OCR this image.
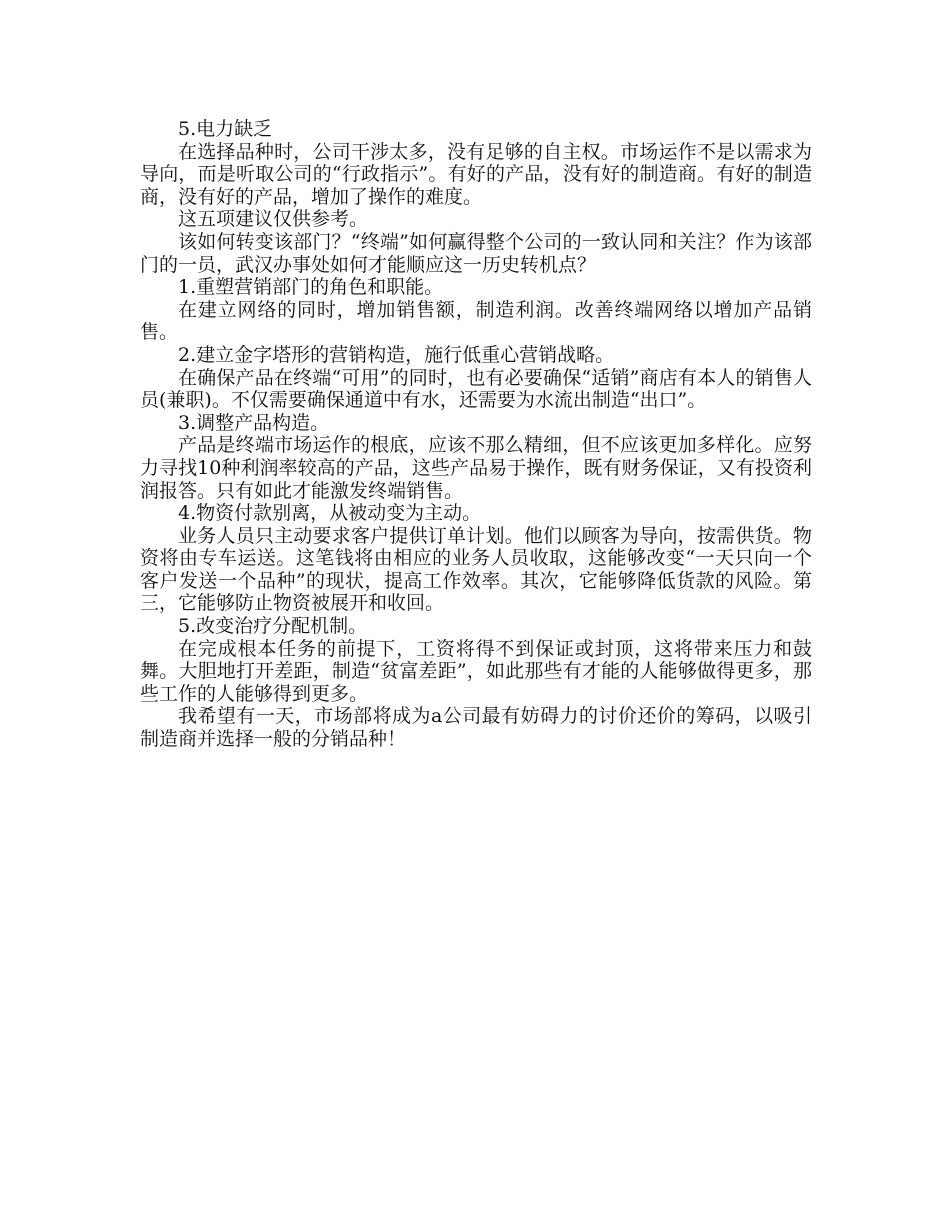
5.电力缺乏

在选择品种时，公司干涉太多，没有足够的自主权。市场运作不是以需求为导向，而是听取公司的“行政指示”。有好的产品，没有好的制造商。有好的制造商，没有好的产品，增加了操作的难度。

这五项建议仅供参考。

该如何转变该部门？“终端”如何赢得整个公司的一致认同和关注？作为该部门的一员，武汉办事处如何才能顺应这一历史转机点？

1.重塑营销部门的角色和职能。

在建立网络的同时，增加销售额，制造利润。改善终端网络以增加产品销售。

2.建立金字塔形的营销构造，施行低重心营销战略。

在确保产品在终端“可用”的同时，也有必要确保“适销”商店有本人的销售人员(兼职)。不仅需要确保通道中有水，还需要为水流出制造“出口”。

3.调整产品构造。

产品是终端市场运作的根底，应该不那么精细，但不应该更加多样化。应努力寻找10种利润率较高的产品，这些产品易于操作，既有财务保证，又有投资利润报答。只有如此才能激发终端销售。

4.物资付款别离，从被动变为主动。

业务人员只主动要求客户提供订单计划。他们以顾客为导向，按需供货。物资将由专车运送。这笔钱将由相应的业务人员收取，这能够改变“一天只向一个客户发送一个品种”的现状，提高工作效率。其次，它能够降低货款的风险。第三，它能够防止物资被展开和收回。

5.改变治疗分配机制。

在完成根本任务的前提下，工资将得不到保证或封顶，这将带来压力和鼓舞。大胆地打开差距，制造“贫富差距”，如此那些有才能的人能够做得更多，那些工作的人能够得到更多。

我希望有一天，市场部将成为a公司最有妨碍力的讨价还价的筹码，以吸引制造商并选择一般的分销品种！
